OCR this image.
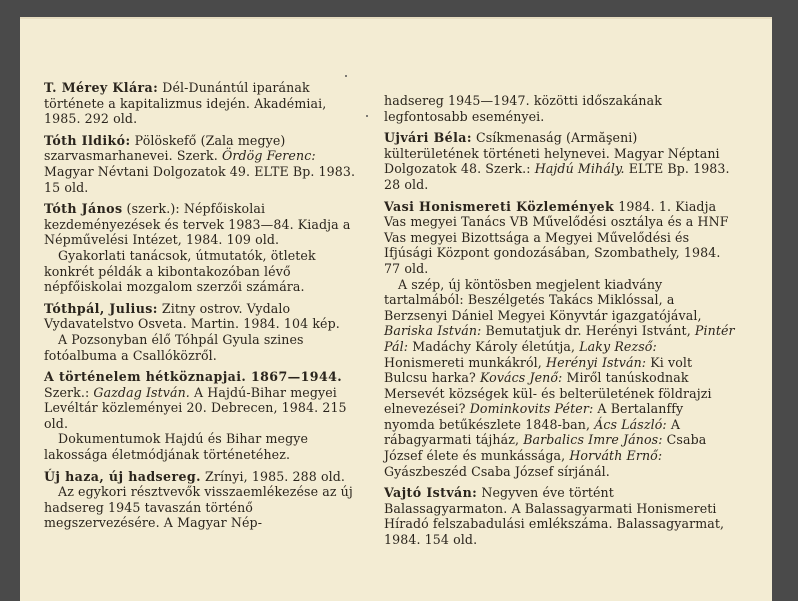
T. Mérey Klára: Dél-Dunántúl iparának története a kapitalizmus idején. Akadémiai, 1985. 292 old.

Tóth Ildikó: Pölöskefő (Zala megye) szarvasmarhanevei. Szerk. Ördög Ferenc: Magyar Névtani Dolgozatok 49. ELTE Bp. 1983. 15 old.

Tóth János (szerk.): Népfőiskolai kezdeményezések és tervek 1983—84. Kiadja a Népművelési Intézet, 1984. 109 old.

Gyakorlati tanácsok, útmutatók, ötletek konkrét példák a kibontakozóban lévő népfőiskolai mozgalom szerzői számára.

Tóthpál, Julius: Zitny ostrov. Vydalo Vydavatelstvo Osveta. Martin. 1984. 104 kép.

A Pozsonyban élő Tóhpál Gyula szines fotóalbuma a Csallóközről.

A történelem hétköznapjai. 1867—1944. Szerk.: Gazdag István. A Hajdú-Bihar megyei Levéltár közleményei 20. Debrecen, 1984. 215 old.

Dokumentumok Hajdú és Bihar megye lakossága életmódjának történetéhez.

Új haza, új hadsereg. Zrínyi, 1985. 288 old.

Az egykori résztvevők visszaemlékezése az új hadsereg 1945 tavaszán történő megszervezésére. A Magyar Nép-

hadsereg 1945—1947. közötti időszakának legfontosabb eseményei.

Ujvári Béla: Csíkmenaság (Armăşeni) külterületének történeti helynevei. Magyar Néptani Dolgozatok 48. Szerk.: Hajdú Mihály. ELTE Bp. 1983. 28 old.

Vasi Honismereti Közlemények 1984. 1. Kiadja Vas megyei Tanács VB Művelődési osztálya és a HNF Vas megyei Bizottsága a Megyei Művelődési és Ifjúsági Központ gondozásában, Szombathely, 1984. 77 old.

A szép, új köntösben megjelent kiadvány tartalmából: Beszélgetés Takács Miklóssal, a Berzsenyi Dániel Megyei Könyvtár igazgatójával, Bariska István: Bemutatjuk dr. Herényi Istvánt, Pintér Pál: Madáchy Károly életútja, Laky Rezső: Honismereti munkákról, Herényi István: Ki volt Bulcsu harka? Kovács Jenő: Miről tanúskodnak Mersevét községek kül- és belterületének földrajzi elnevezései? Dominkovits Péter: A Bertalanffy nyomda betűkészlete 1848-ban, Ács László: A rábagyarmati tájház, Barbalics Imre János: Csaba József élete és munkássága, Horváth Ernő: Gyászbeszéd Csaba József sírjánál.

Vajtó István: Negyven éve történt Balassagyarmaton. A Balassagyarmati Honismereti Híradó felszabadulási emlékszáma. Balassagyarmat, 1984. 154 old.
